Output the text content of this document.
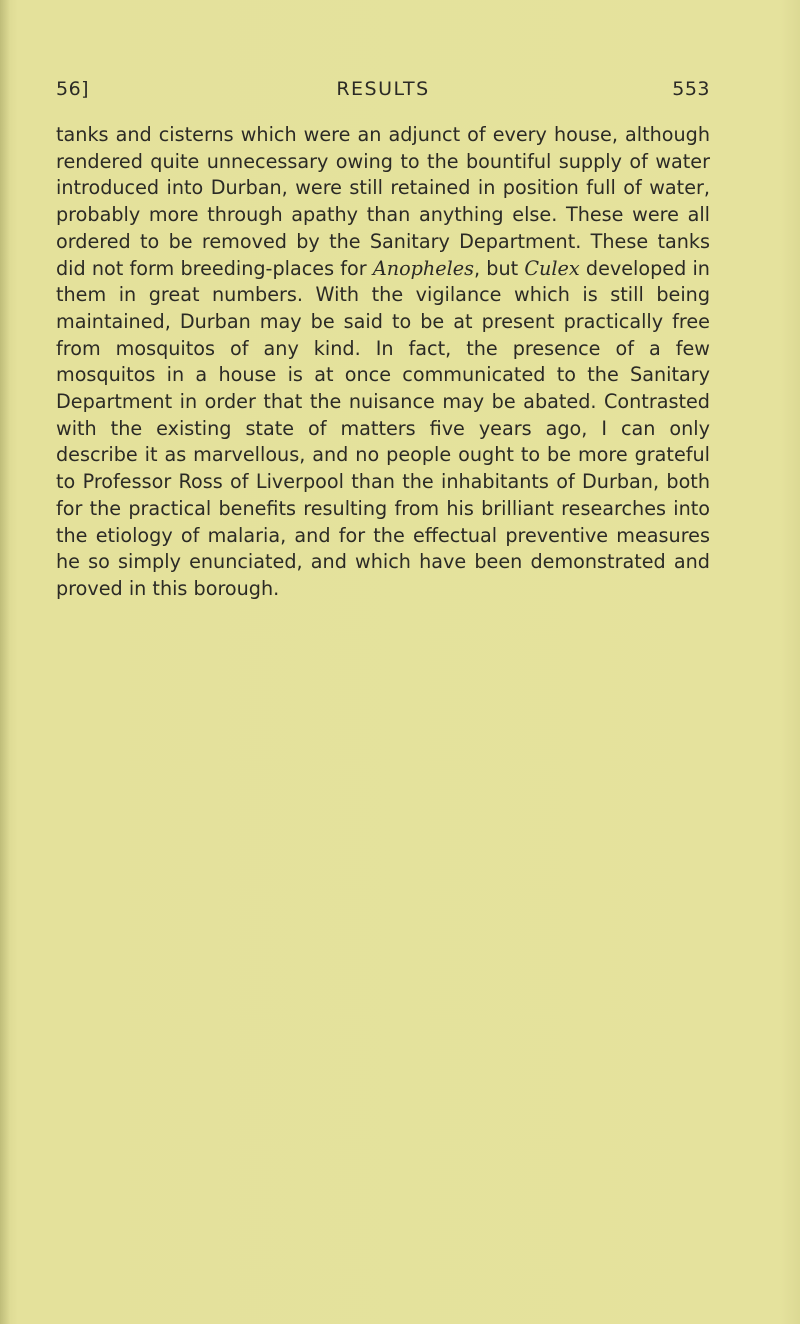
56]	RESULTS	553

tanks and cisterns which were an adjunct of every house, although rendered quite unnecessary owing to the bountiful supply of water introduced into Durban, were still retained in position full of water, probably more through apathy than anything else. These were all ordered to be removed by the Sanitary Department. These tanks did not form breeding-places for Anopheles, but Culex developed in them in great numbers. With the vigilance which is still being maintained, Durban may be said to be at present practically free from mosquitos of any kind. In fact, the presence of a few mosquitos in a house is at once communicated to the Sanitary Department in order that the nuisance may be abated. Contrasted with the existing state of matters five years ago, I can only describe it as marvellous, and no people ought to be more grateful to Professor Ross of Liverpool than the inhabitants of Durban, both for the practical benefits resulting from his brilliant researches into the etiology of malaria, and for the effectual preventive measures he so simply enunciated, and which have been demonstrated and proved in this borough.
